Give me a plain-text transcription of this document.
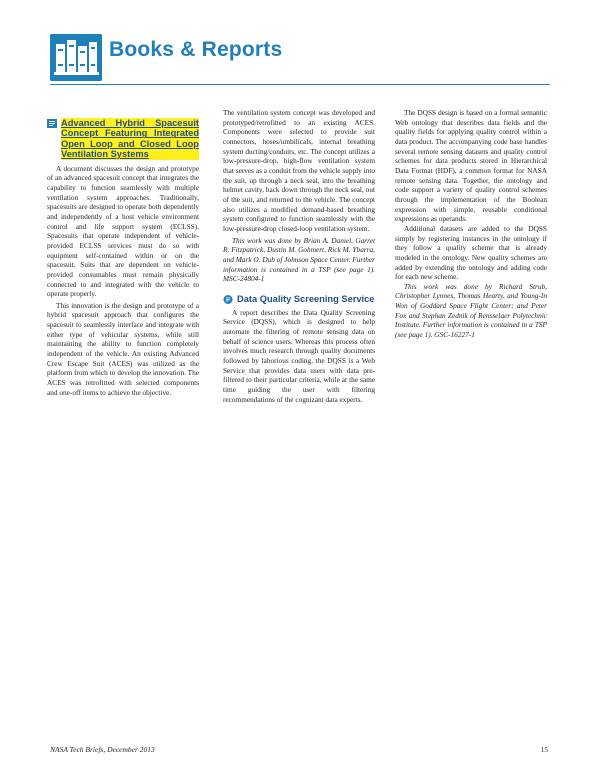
Books & Reports
Advanced Hybrid Spacesuit Concept Featuring Integrated Open Loop and Closed Loop Ventilation Systems

A document discusses the design and prototype of an advanced spacesuit concept that integrates the capability to function seamlessly with multiple ventilation system approaches. Traditionally, spacesuits are designed to operate both dependently and independently of a host vehicle environment control and life support system (ECLSS). Spacesuits that operate independent of vehicle-provided ECLSS services must do so with equipment self-contained within or on the spacesuit. Suits that are dependent on vehicle-provided consumables must remain physically connected to and integrated with the vehicle to operate properly.

This innovation is the design and prototype of a hybrid spacesuit approach that configures the spacesuit to seamlessly interface and integrate with either type of vehicular systems, while still maintaining the ability to function completely independent of the vehicle. An existing Advanced Crew Escape Suit (ACES) was utilized as the platform from which to develop the innovation. The ACES was retrofitted with selected components and one-off items to achieve the objective.

The ventilation system concept was developed and prototyped/retrofitted to an existing ACES. Components were selected to provide suit connectors, hoses/umbilicals, internal breathing system ducting/conduits, etc. The concept utilizes a low-pressure-drop, high-flow ventilation system that serves as a conduit from the vehicle supply into the suit, up through a neck seal, into the breathing helmet cavity, back down through the neck seal, out of the suit, and returned to the vehicle. The concept also utilizes a modified demand-based breathing system configured to function seamlessly with the low-pressure-drop closed-loop ventilation system.

This work was done by Brian A. Daniel, Garret R. Fitzpatrick, Dustin M. Gohmert, Rick M. Ybarra, and Mark O. Dub of Johnson Space Center. Further information is contained in a TSP (see page 1). MSC-24804-1

Data Quality Screening Service

A report describes the Data Quality Screening Service (DQSS), which is designed to help automate the filtering of remote sensing data on behalf of science users. Whereas this process often involves much research through quality documents followed by laborious coding, the DQSS is a Web Service that provides data users with data pre-filtered to their particular criteria, while at the same time guiding the user with filtering recommendations of the cognizant data experts.

The DQSS design is based on a formal semantic Web ontology that describes data fields and the quality fields for applying quality control within a data product. The accompanying code base handles several remote sensing datasets and quality control schemes for data products stored in Hierarchical Data Format (HDF), a common format for NASA remote sensing data. Together, the ontology and code support a variety of quality control schemes through the implementation of the Boolean expression with simple, reusable conditional expressions as operands.

Additional datasets are added to the DQSS simply by registering instances in the ontology if they follow a quality scheme that is already modeled in the ontology. New quality schemes are added by extending the ontology and adding code for each new scheme.

This work was done by Richard Strub, Christopher Lynnes, Thomas Hearty, and Young-In Won of Goddard Space Flight Center; and Peter Fox and Stephan Zednik of Rensselaer Polytechnic Institute. Further information is contained in a TSP (see page 1). GSC-16227-1

NASA Tech Briefs, December 2013	15
